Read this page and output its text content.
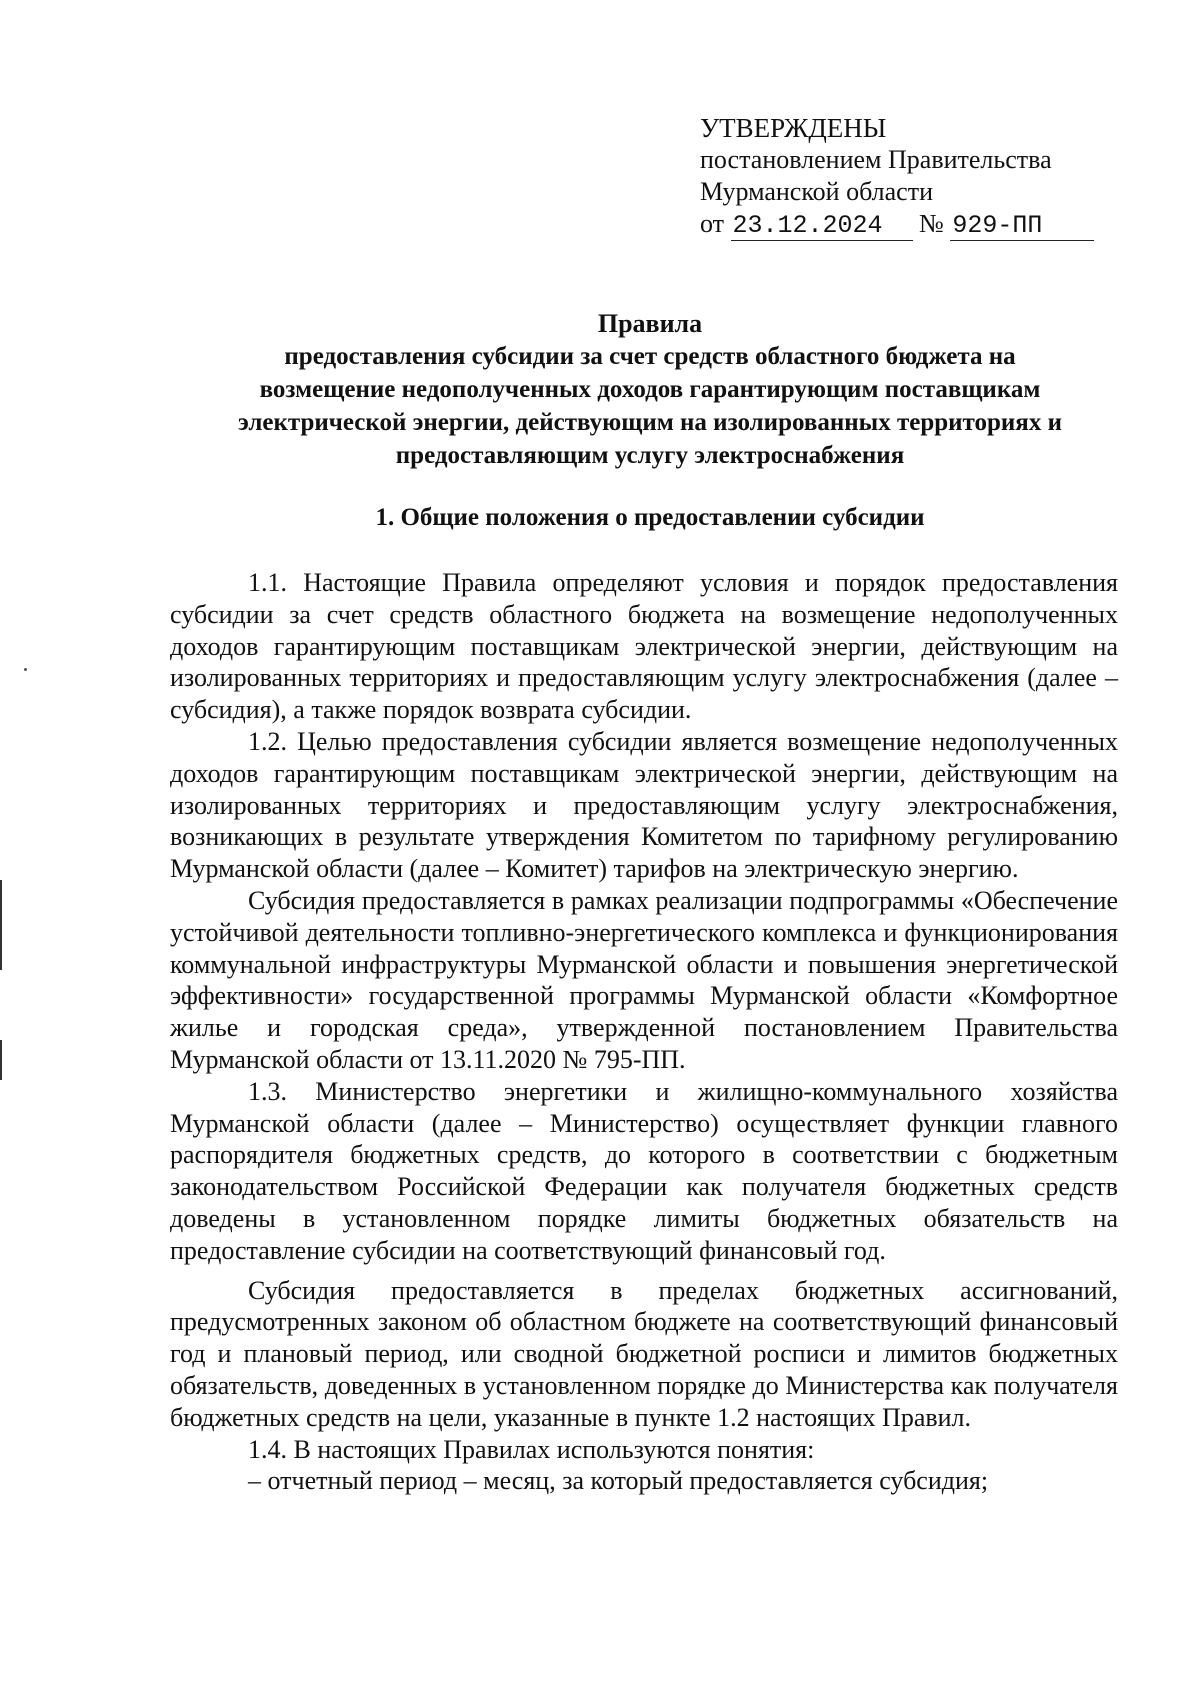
УТВЕРЖДЕНЫ
постановлением Правительства
Мурманской области
от 23.12.2024 № 929-ПП
Правила
предоставления субсидии за счет средств областного бюджета на
возмещение недополученных доходов гарантирующим поставщикам
электрической энергии, действующим на изолированных территориях и
предоставляющим услугу электроснабжения
1. Общие положения о предоставлении субсидии

1.1. Настоящие Правила определяют условия и порядок предоставления субсидии за счет средств областного бюджета на возмещение недополученных доходов гарантирующим поставщикам электрической энергии, действующим на изолированных территориях и предоставляющим услугу электроснабжения (далее – субсидия), а также порядок возврата субсидии.

1.2. Целью предоставления субсидии является возмещение недополученных доходов гарантирующим поставщикам электрической энергии, действующим на изолированных территориях и предоставляющим услугу электроснабжения, возникающих в результате утверждения Комитетом по тарифному регулированию Мурманской области (далее – Комитет) тарифов на электрическую энергию.

Субсидия предоставляется в рамках реализации подпрограммы «Обеспечение устойчивой деятельности топливно-энергетического комплекса и функционирования коммунальной инфраструктуры Мурманской области и повышения энергетической эффективности» государственной программы Мурманской области «Комфортное жилье и городская среда», утвержденной постановлением Правительства Мурманской области от 13.11.2020 № 795-ПП.

1.3. Министерство энергетики и жилищно-коммунального хозяйства Мурманской области (далее – Министерство) осуществляет функции главного распорядителя бюджетных средств, до которого в соответствии с бюджетным законодательством Российской Федерации как получателя бюджетных средств доведены в установленном порядке лимиты бюджетных обязательств на предоставление субсидии на соответствующий финансовый год.

Субсидия предоставляется в пределах бюджетных ассигнований, предусмотренных законом об областном бюджете на соответствующий финансовый год и плановый период, или сводной бюджетной росписи и лимитов бюджетных обязательств, доведенных в установленном порядке до Министерства как получателя бюджетных средств на цели, указанные в пункте 1.2 настоящих Правил.

1.4. В настоящих Правилах используются понятия:

– отчетный период – месяц, за который предоставляется субсидия;
